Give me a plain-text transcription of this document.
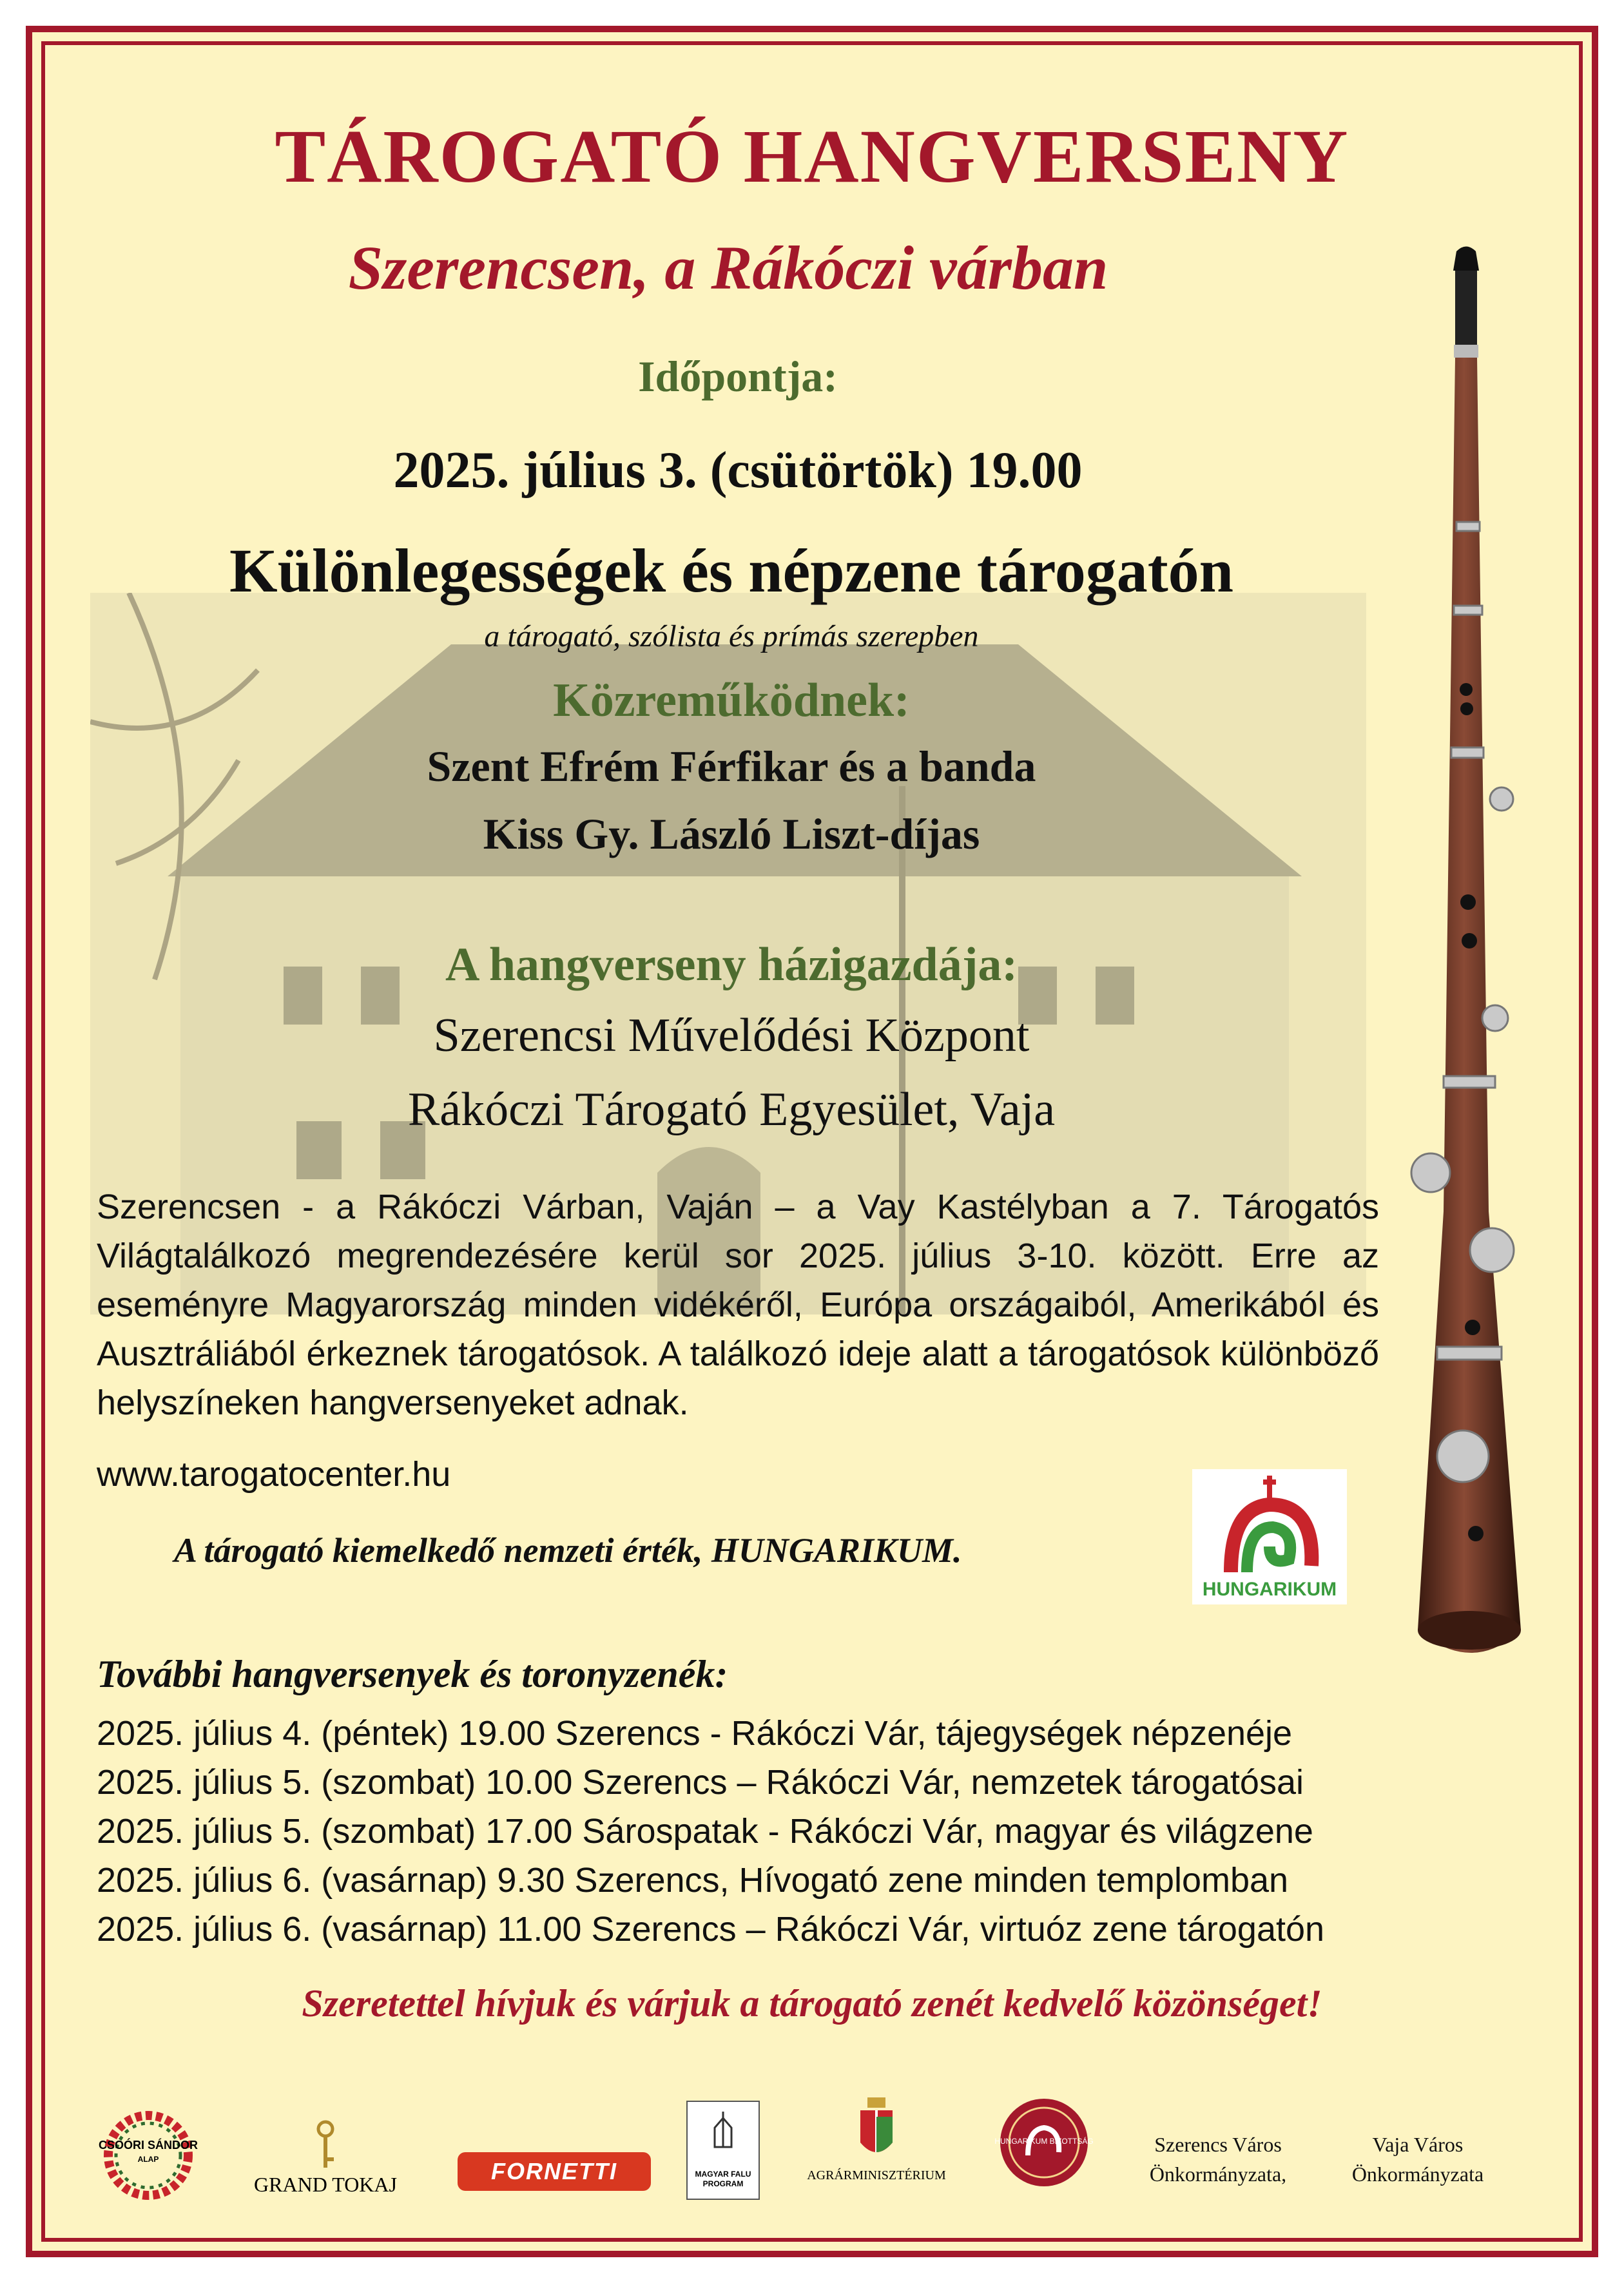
TÁROGATÓ HANGVERSENY
Szerencsen, a Rákóczi várban
Időpontja:
2025. július 3. (csütörtök) 19.00
Különlegességek és népzene tárogatón
a tárogató, szólista és prímás szerepben
Közreműködnek:
Szent Efrém Férfikar és a banda
Kiss Gy. László Liszt-díjas
A hangverseny házigazdája:
Szerencsi Művelődési Központ
Rákóczi Tárogató Egyesület, Vaja
Szerencsen - a Rákóczi Várban, Vaján – a Vay Kastélyban a 7. Tárogatós Világtalálkozó megrendezésére kerül sor 2025. július 3-10. között. Erre az eseményre Magyarország minden vidékéről, Európa országaiból, Amerikából és Ausztráliából érkeznek tárogatósok. A találkozó ideje alatt a tárogatósok különböző helyszíneken hangversenyeket adnak.
www.tarogatocenter.hu
A tárogató kiemelkedő nemzeti érték, HUNGARIKUM.
HUNGARIKUM
További hangversenyek és toronyzenék:
2025. július 4. (péntek) 19.00 Szerencs - Rákóczi Vár, tájegységek népzenéje
2025. július 5. (szombat) 10.00 Szerencs – Rákóczi Vár, nemzetek tárogatósai
2025. július 5. (szombat) 17.00 Sárospatak - Rákóczi Vár, magyar és világzene
2025. július 6. (vasárnap) 9.30 Szerencs, Hívogató zene minden templomban
2025. július 6. (vasárnap) 11.00 Szerencs – Rákóczi Vár, virtuóz zene tárogatón
Szeretettel hívjuk és várjuk a tárogató zenét kedvelő közönséget!
CSOÓRI SÁNDOR
ALAP
GRAND TOKAJ	FORNETTI	MAGYAR FALU PROGRAM
AGRÁRMINISZTÉRIUM
HUNGARIKUM BIZOTTSÁG	Szerencs Város Önkormányzata,
Vaja Város Önkormányzata
